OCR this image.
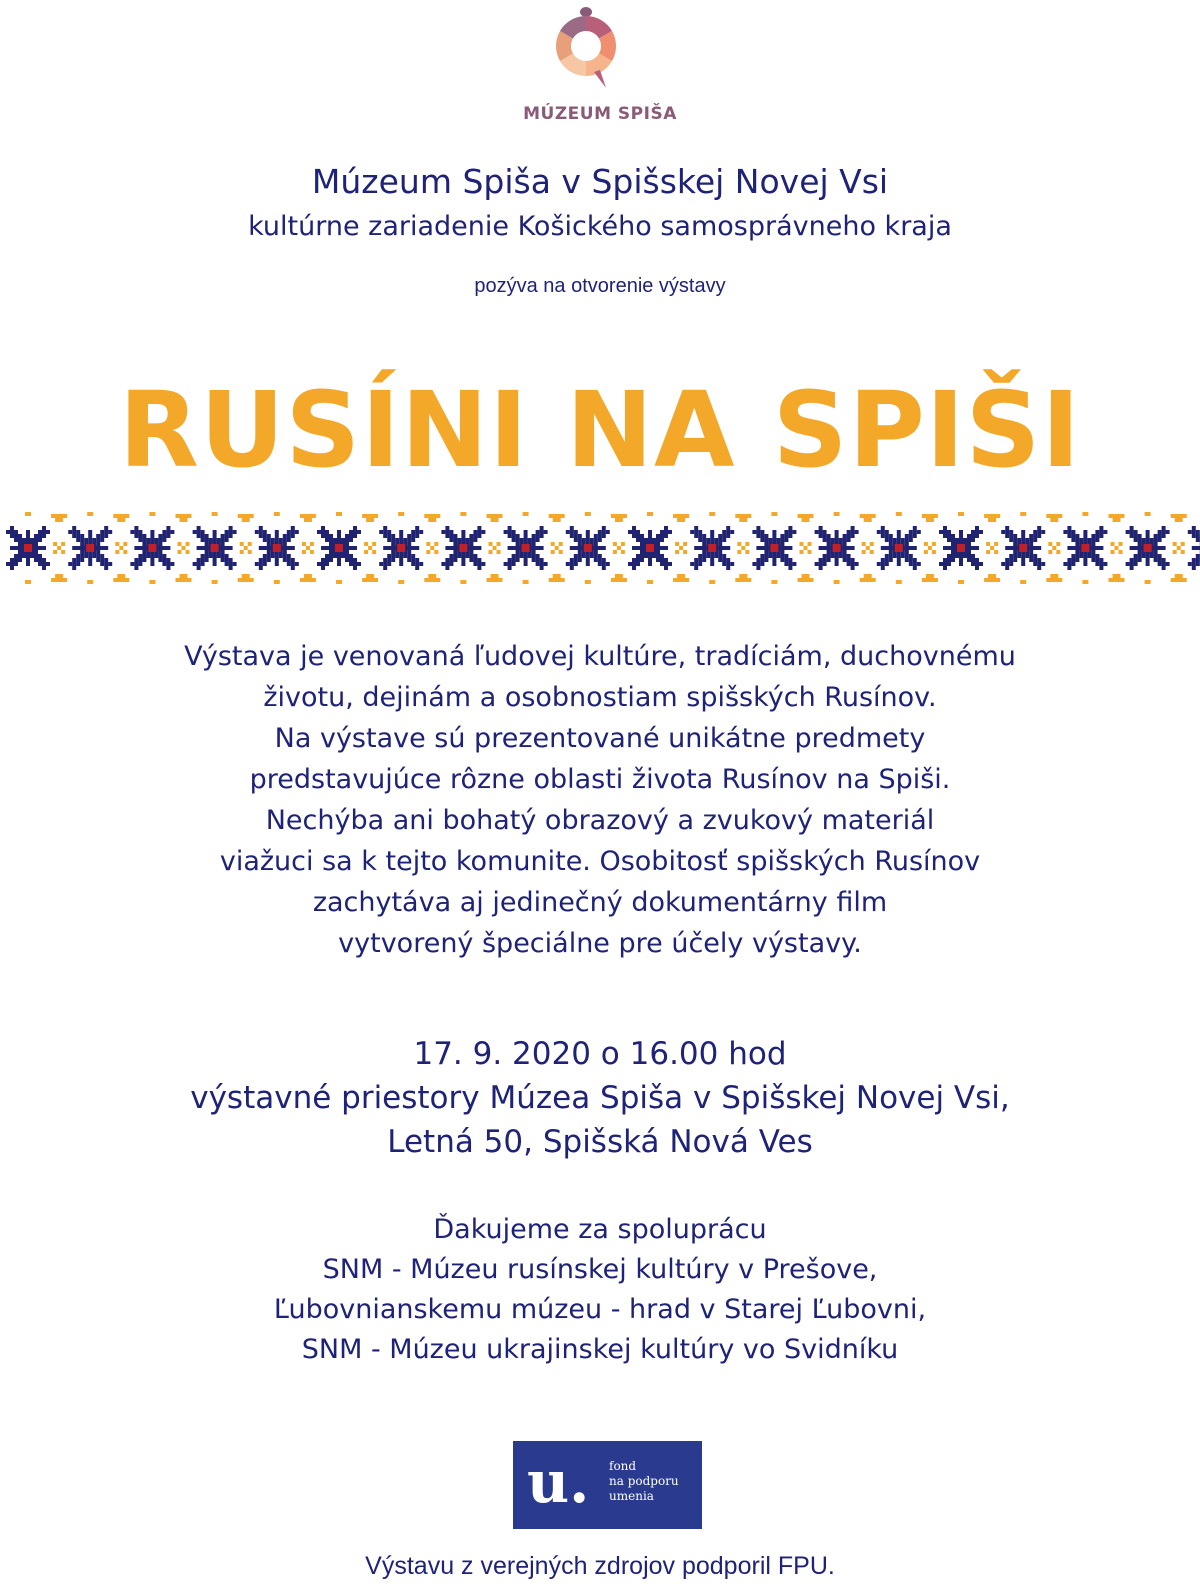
MÚZEUM SPIŠA
Múzeum Spiša v Spišskej Novej Vsi
kultúrne zariadenie Košického samosprávneho kraja
pozýva na otvorenie výstavy
RUSÍNI NA SPIŠI
Výstava je venovaná ľudovej kultúre, tradíciám, duchovnému
životu, dejinám a osobnostiam spišských Rusínov.
Na výstave sú prezentované unikátne predmety
predstavujúce rôzne oblasti života Rusínov na Spiši.
Nechýba ani bohatý obrazový a zvukový materiál
viažuci sa k tejto komunite. Osobitosť spišských Rusínov
zachytáva aj jedinečný dokumentárny film
vytvorený špeciálne pre účely výstavy.
17. 9. 2020 o 16.00 hod
výstavné priestory Múzea Spiša v Spišskej Novej Vsi,
Letná 50, Spišská Nová Ves
Ďakujeme za spoluprácu
SNM - Múzeu rusínskej kultúry v Prešove,
Ľubovnianskemu múzeu - hrad v Starej Ľubovni,
SNM - Múzeu ukrajinskej kultúry vo Svidníku
u. fond
na podporu
umenia
Výstavu z verejných zdrojov podporil FPU.
